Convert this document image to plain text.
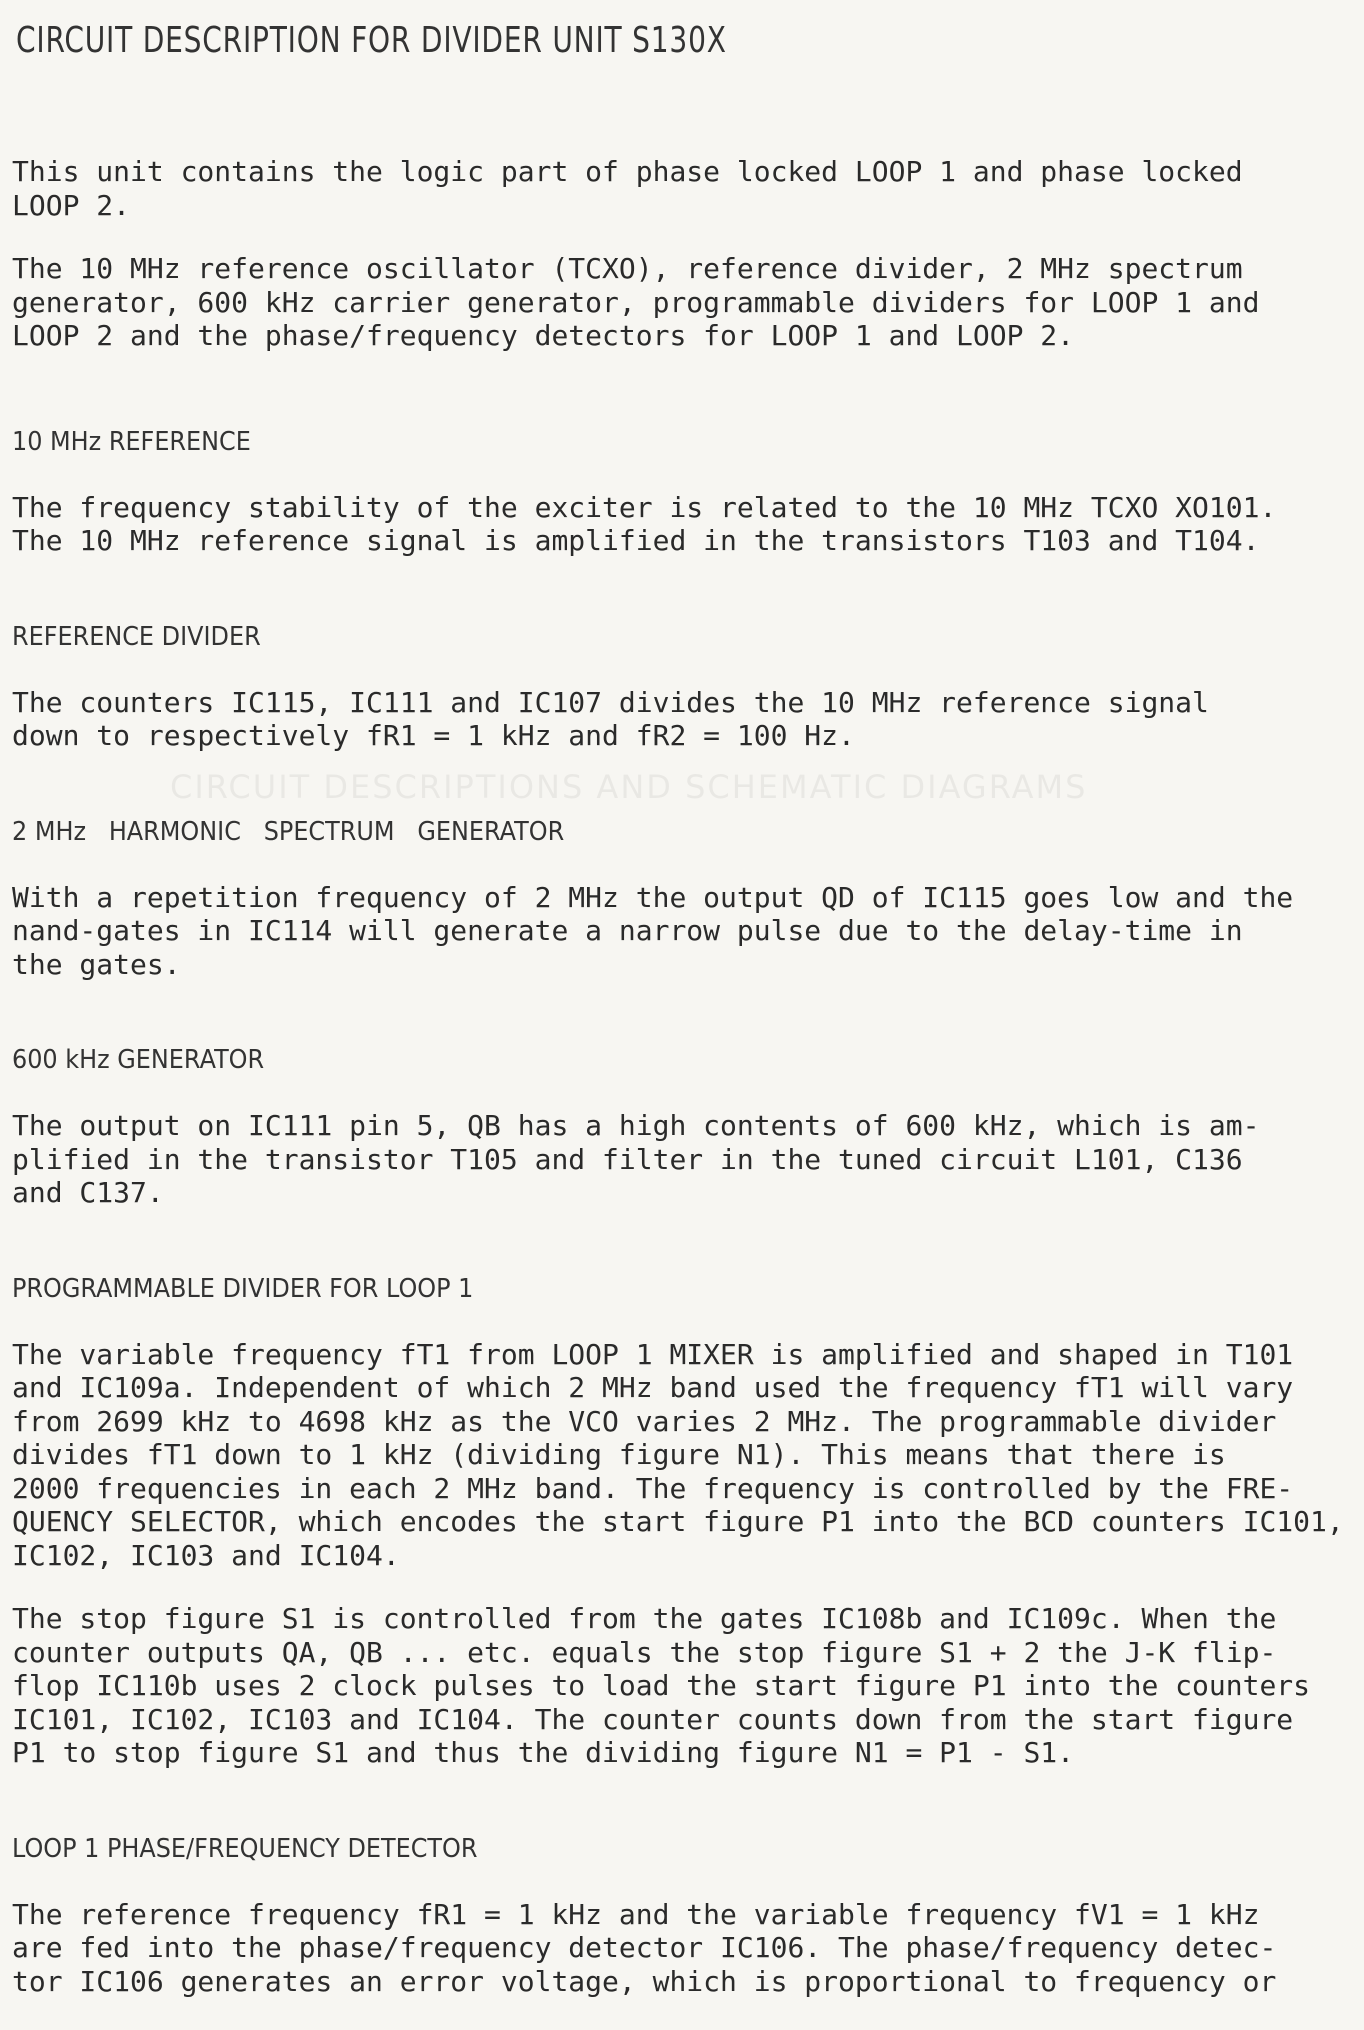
CIRCUIT DESCRIPTIONS AND SCHEMATIC DIAGRAMS
CIRCUIT DESCRIPTION FOR DIVIDER UNIT S130X

This unit contains the logic part of phase locked LOOP 1 and phase locked
LOOP 2.

The 10 MHz reference oscillator (TCXO), reference divider, 2 MHz spectrum
generator, 600 kHz carrier generator, programmable dividers for LOOP 1 and
LOOP 2 and the phase/frequency detectors for LOOP 1 and LOOP 2.

10 MHz REFERENCE

The frequency stability of the exciter is related to the 10 MHz TCXO XO101.
The 10 MHz reference signal is amplified in the transistors T103 and T104.

REFERENCE DIVIDER

The counters IC115, IC111 and IC107 divides the 10 MHz reference signal
down to respectively fR1 = 1 kHz and fR2 = 100 Hz.

2 MHz   HARMONIC   SPECTRUM   GENERATOR

With a repetition frequency of 2 MHz the output QD of IC115 goes low and the
nand-gates in IC114 will generate a narrow pulse due to the delay-time in
the gates.

600 kHz GENERATOR

The output on IC111 pin 5, QB has a high contents of 600 kHz, which is am-
plified in the transistor T105 and filter in the tuned circuit L101, C136
and C137.

PROGRAMMABLE DIVIDER FOR LOOP 1

The variable frequency fT1 from LOOP 1 MIXER is amplified and shaped in T101
and IC109a. Independent of which 2 MHz band used the frequency fT1 will vary
from 2699 kHz to 4698 kHz as the VCO varies 2 MHz. The programmable divider
divides fT1 down to 1 kHz (dividing figure N1). This means that there is
2000 frequencies in each 2 MHz band. The frequency is controlled by the FRE-
QUENCY SELECTOR, which encodes the start figure P1 into the BCD counters IC101,
IC102, IC103 and IC104.

The stop figure S1 is controlled from the gates IC108b and IC109c. When the
counter outputs QA, QB ... etc. equals the stop figure S1 + 2 the J-K flip-
flop IC110b uses 2 clock pulses to load the start figure P1 into the counters
IC101, IC102, IC103 and IC104. The counter counts down from the start figure
P1 to stop figure S1 and thus the dividing figure N1 = P1 - S1.

LOOP 1 PHASE/FREQUENCY DETECTOR

The reference frequency fR1 = 1 kHz and the variable frequency fV1 = 1 kHz
are fed into the phase/frequency detector IC106. The phase/frequency detec-
tor IC106 generates an error voltage, which is proportional to frequency or
